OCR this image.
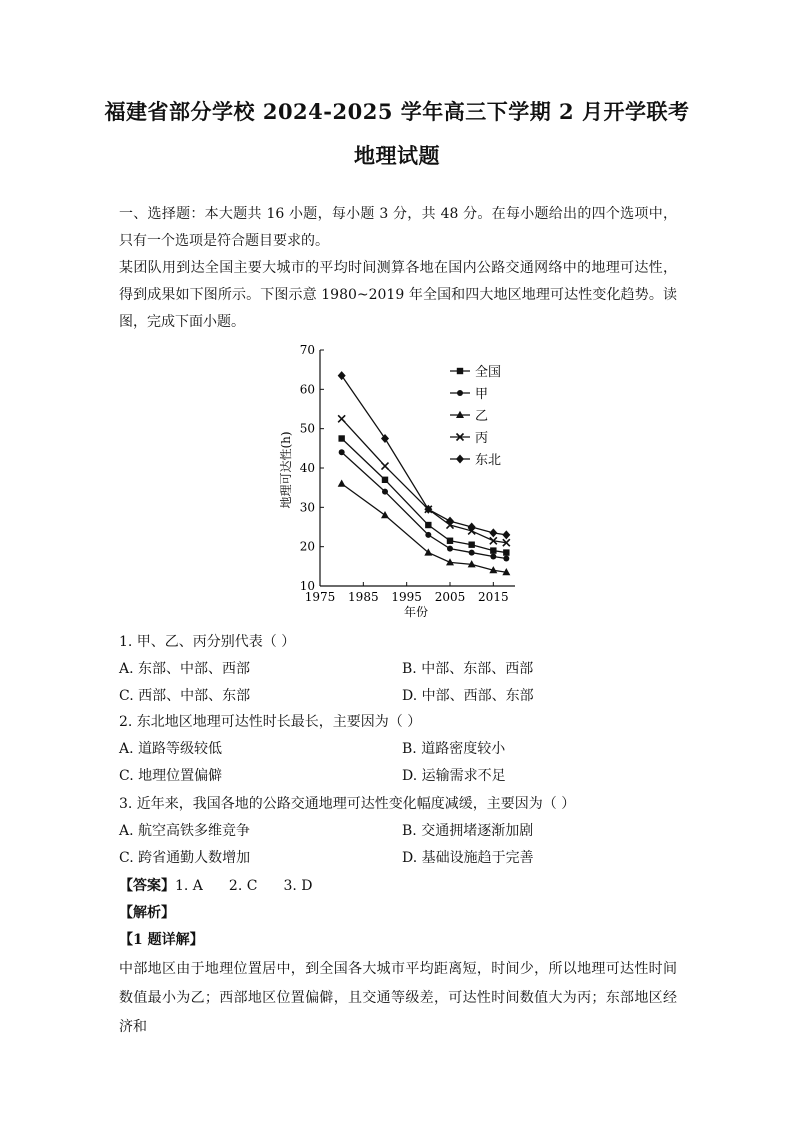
福建省部分学校 2024-2025 学年高三下学期 2 月开学联考
地理试题
一、选择题：本大题共 16 小题，每小题 3 分，共 48 分。在每小题给出的四个选项中，只有一个选项是符合题目要求的。
某团队用到达全国主要大城市的平均时间测算各地在国内公路交通网络中的地理可达性，得到成果如下图所示。下图示意 1980~2019 年全国和四大地区地理可达性变化趋势。读图，完成下面小题。
10
20
30
40
50
60
70
1975 1985 1995 2005 2015
全国
甲
乙
丙
东北
年份
地理可达性(h)
1. 甲、乙、丙分别代表（ ）
A. 东部、中部、西部	B. 中部、东部、西部
C. 西部、中部、东部	D. 中部、西部、东部
2. 东北地区地理可达性时长最长，主要因为（ ）
A. 道路等级较低	B. 道路密度较小
C. 地理位置偏僻	D. 运输需求不足
3. 近年来，我国各地的公路交通地理可达性变化幅度减缓，主要因为（ ）
A. 航空高铁多维竞争	B. 交通拥堵逐渐加剧
C. 跨省通勤人数增加	D. 基础设施趋于完善
【答案】1. A 2. C 3. D
【解析】
【1 题详解】
中部地区由于地理位置居中，到全国各大城市平均距离短，时间少，所以地理可达性时间数值最小为乙；西部地区位置偏僻，且交通等级差，可达性时间数值大为丙；东部地区经济和
